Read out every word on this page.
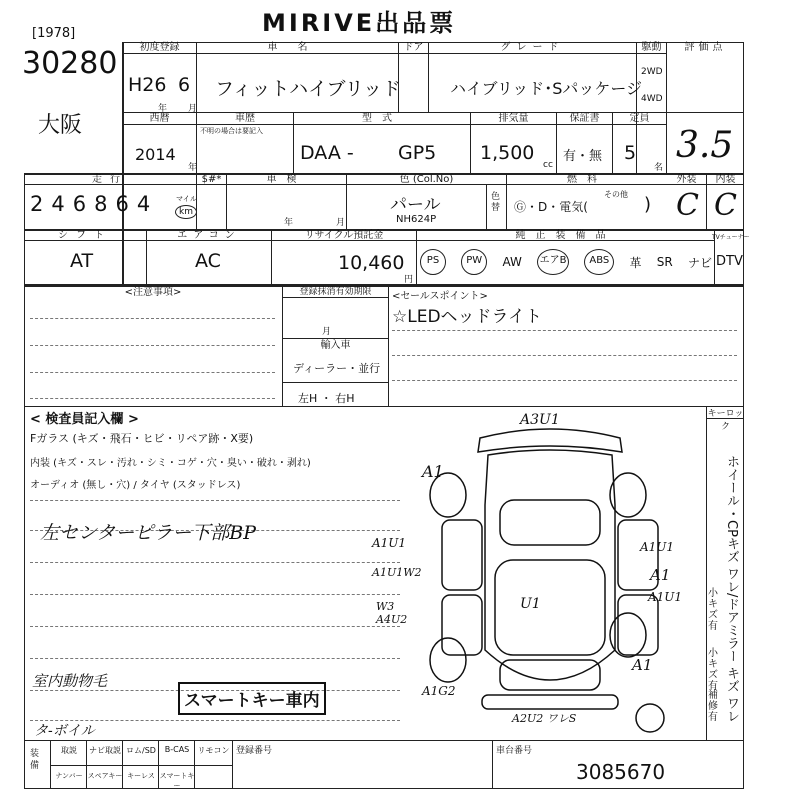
MIRIVE出品票
[1978]
30280
大阪
初度登録
H26 6
年 月
車名
フィットハイブリッド
ドア	グレード
ハイブリッド･Sパッケージ
駆動
2WD
4WD
評価点
3.5
西暦
2014
年
車歴
不明の場合は要記入
型式
DAA - GP5
排気量
1,500
cc
保証書
有・無
定員
5
名
走行
246864	マイル
km
$#*	車検
年	月
色 (Col.No)
パール
NH624P
色替
燃料
Ⓖ・D・電気(
その他 )
外装
C
内装
C
シフト
AT
エアコン
AC
リサイクル預託金
10,460
円
純正装備品
PS	PW	AW エアB	ABS	革 SR ナビ
TVチューナー
DTV
<注意事項>	登録抹消有効期限
月
輸入車
ディーラー・並行
左H ・ 右H
<セールスポイント>
☆LEDヘッドライト
< 検査員記入欄 >
Fガラス (キズ・飛石・ヒビ・リペア跡・X要)
内装 (キズ・スレ・汚れ・シミ・コゲ・穴・臭い・破れ・剥れ)
オーディオ (無し・穴) / タイヤ (スタッドレス)
左センターピラー下部BP
室内動物毛
スマートキー車内
タ-ボイル
キーロック
ホイール・CPキズ ワレ/ドアミラー キズ ワレ
小キズ有
小キズ有
補修有
A3U1
A1
A1U1
A1U1W2
W3 A4U2
U1
A1U1
A1
A1U1
A1
A1G2
A2U2 ワレS
装備
取説	ナビ取説 ロム/SD	B-CAS	リモコン
ナンバー スペアキー キーレス スマートキー
登録番号	車台番号
3085670
